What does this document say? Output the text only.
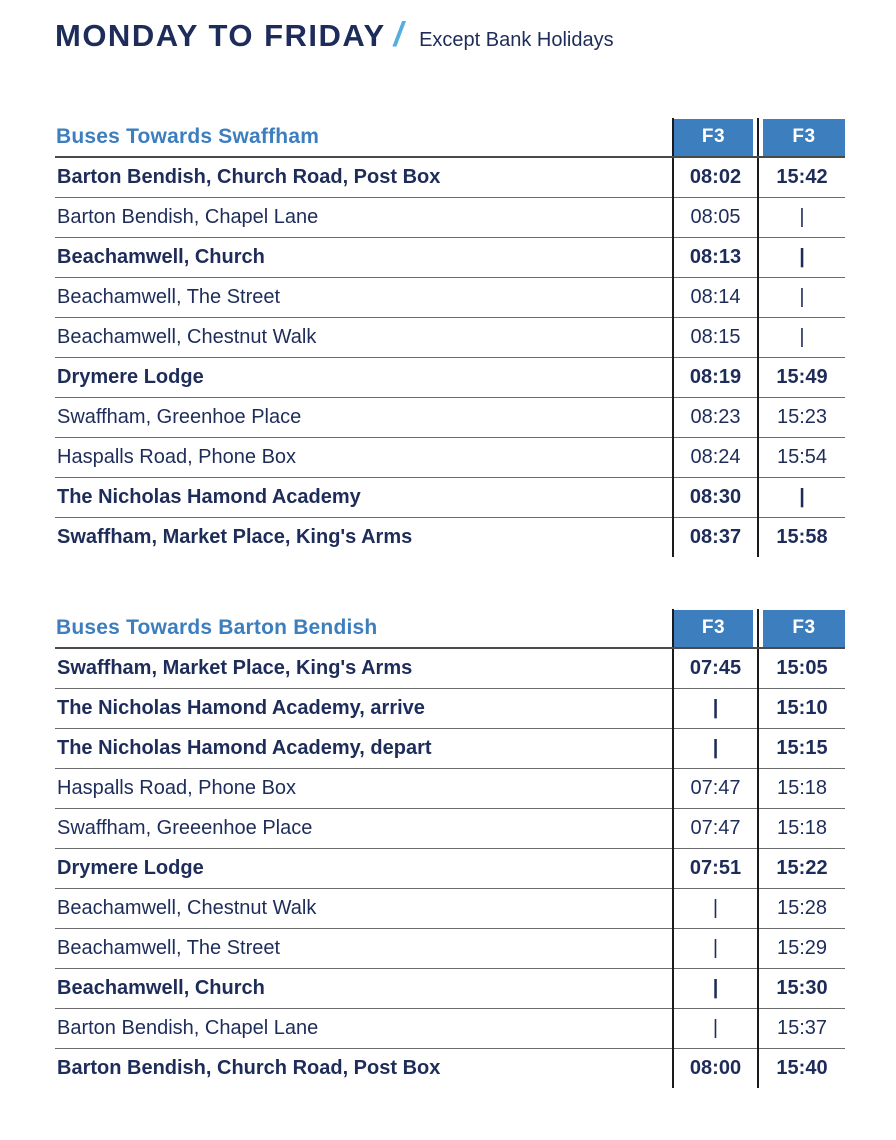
MONDAY TO FRIDAY / Except Bank Holidays
Buses Towards Swaffham	F3	F3

Barton Bendish, Church Road, Post Box	08:02	15:42
Barton Bendish, Chapel Lane	08:05	|
Beachamwell, Church	08:13	|
Beachamwell, The Street	08:14	|
Beachamwell, Chestnut Walk	08:15	|
Drymere Lodge	08:19	15:49
Swaffham, Greenhoe Place	08:23	15:23
Haspalls Road, Phone Box	08:24	15:54
The Nicholas Hamond Academy	08:30	|
Swaffham, Market Place, King's Arms	08:37	15:58
Buses Towards Barton Bendish	F3	F3

Swaffham, Market Place, King's Arms	07:45	15:05
The Nicholas Hamond Academy, arrive	|	15:10
The Nicholas Hamond Academy, depart	|	15:15
Haspalls Road, Phone Box	07:47	15:18
Swaffham, Greeenhoe Place	07:47	15:18
Drymere Lodge	07:51	15:22
Beachamwell, Chestnut Walk	|	15:28
Beachamwell, The Street	|	15:29
Beachamwell, Church	|	15:30
Barton Bendish, Chapel Lane	|	15:37
Barton Bendish, Church Road, Post Box	08:00	15:40
